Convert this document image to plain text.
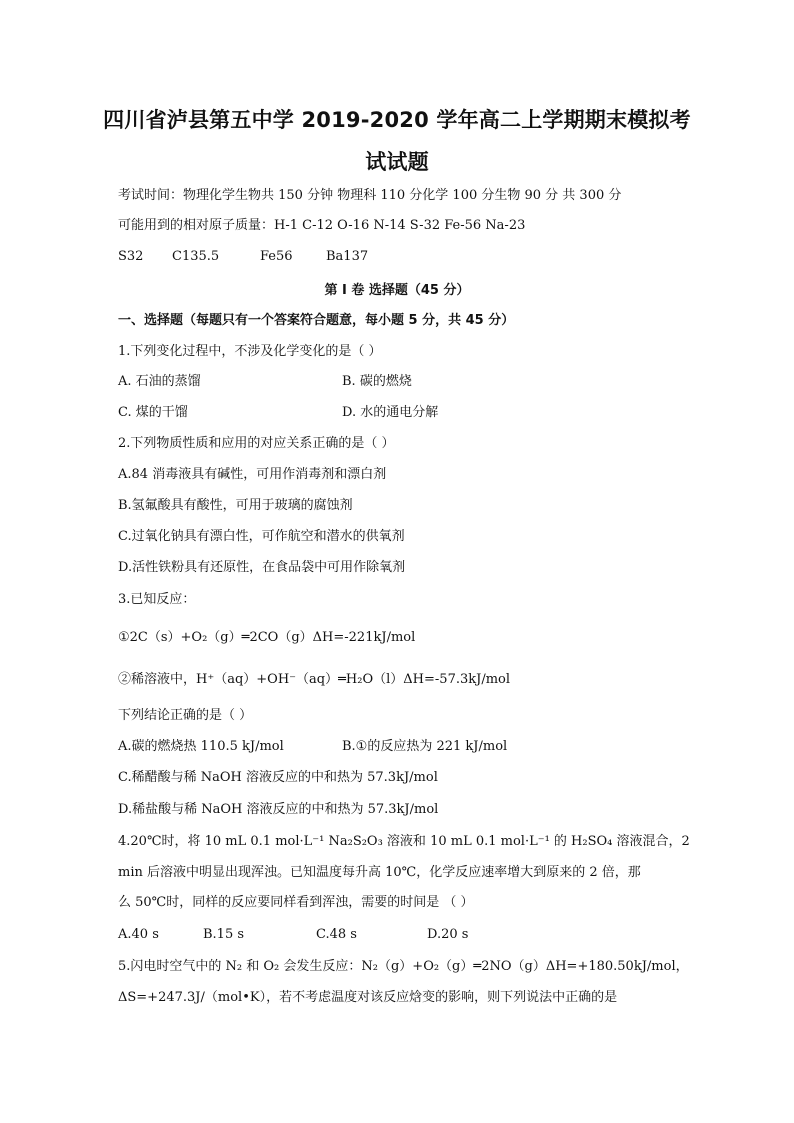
四川省泸县第五中学 2019-2020 学年高二上学期期末模拟考
试试题
考试时间：物理化学生物共 150 分钟 物理科 110 分化学 100 分生物 90 分 共 300 分
可能用到的相对原子质量：H-1 C-12 O-16 N-14 S-32 Fe-56 Na-23
S32 C135.5	Fe56	Ba137
第 I 卷 选择题（45 分）
一、选择题（每题只有一个答案符合题意，每小题 5 分，共 45 分）
1.下列变化过程中，不涉及化学变化的是（ ）
A. 石油的蒸馏	B. 碳的燃烧
C. 煤的干馏	D. 水的通电分解
2.下列物质性质和应用的对应关系正确的是（ ）
A.84 消毒液具有碱性，可用作消毒剂和漂白剂
B.氢氟酸具有酸性，可用于玻璃的腐蚀剂
C.过氧化钠具有漂白性，可作航空和潜水的供氧剂
D.活性铁粉具有还原性，在食品袋中可用作除氧剂
3.已知反应：
①2C（s）+O₂（g）═2CO（g）ΔH=-221kJ/mol
②稀溶液中，H⁺（aq）+OH⁻（aq）═H₂O（l）ΔH=-57.3kJ/mol
下列结论正确的是（ ）
A.碳的燃烧热 110.5 kJ/mol	B.①的反应热为 221 kJ/mol
C.稀醋酸与稀 NaOH 溶液反应的中和热为 57.3kJ/mol
D.稀盐酸与稀 NaOH 溶液反应的中和热为 57.3kJ/mol
4.20℃时，将 10 mL 0.1 mol·L⁻¹ Na₂S₂O₃ 溶液和 10 mL 0.1 mol·L⁻¹ 的 H₂SO₄ 溶液混合，2
min 后溶液中明显出现浑浊。已知温度每升高 10℃，化学反应速率增大到原来的 2 倍，那
么 50℃时，同样的反应要同样看到浑浊，需要的时间是 （ ）
A.40 s	B.15 s	C.48 s	D.20 s
5.闪电时空气中的 N₂ 和 O₂ 会发生反应：N₂（g）+O₂（g）═2NO（g）ΔH=+180.50kJ/mol，
ΔS=+247.3J/（mol•K），若不考虑温度对该反应焓变的影响，则下列说法中正确的是
